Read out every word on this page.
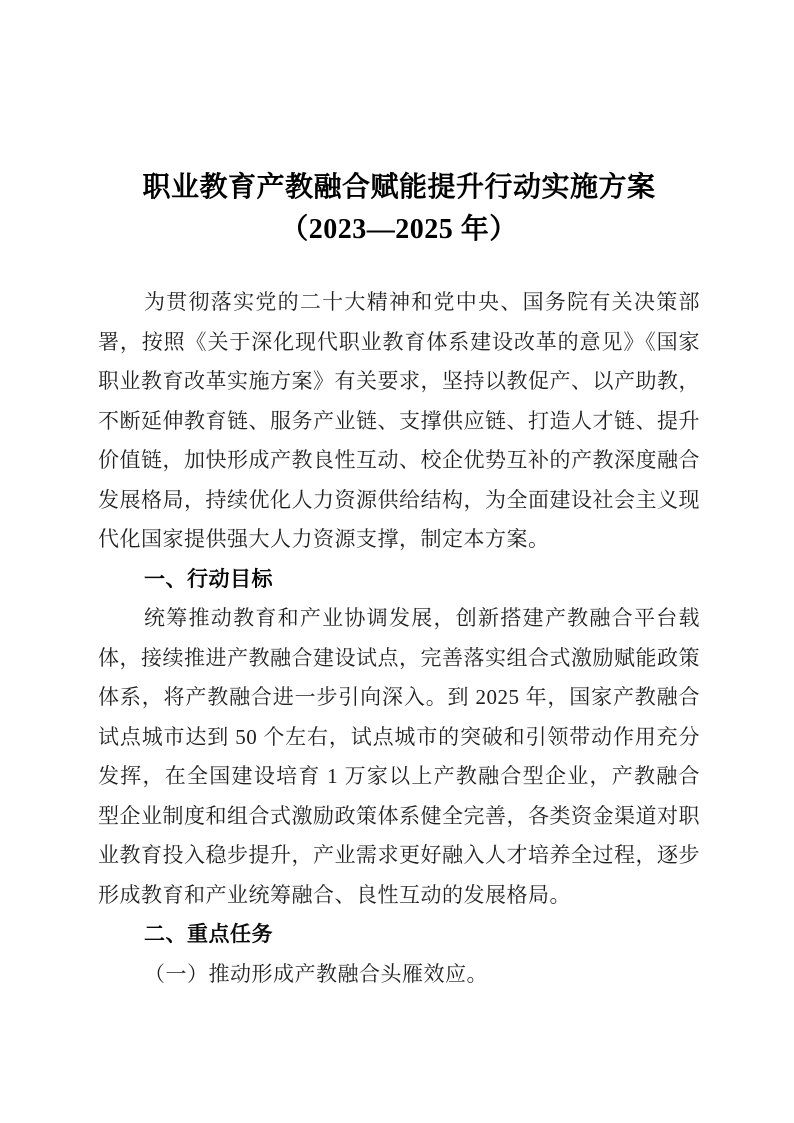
职业教育产教融合赋能提升行动实施方案
（2023—2025 年）

为贯彻落实党的二十大精神和党中央、国务院有关决策部署，按照《关于深化现代职业教育体系建设改革的意见》《国家职业教育改革实施方案》有关要求，坚持以教促产、以产助教，不断延伸教育链、服务产业链、支撑供应链、打造人才链、提升价值链，加快形成产教良性互动、校企优势互补的产教深度融合发展格局，持续优化人力资源供给结构，为全面建设社会主义现代化国家提供强大人力资源支撑，制定本方案。

一、行动目标

统筹推动教育和产业协调发展，创新搭建产教融合平台载体，接续推进产教融合建设试点，完善落实组合式激励赋能政策体系，将产教融合进一步引向深入。到 2025 年，国家产教融合试点城市达到 50 个左右，试点城市的突破和引领带动作用充分发挥，在全国建设培育 1 万家以上产教融合型企业，产教融合型企业制度和组合式激励政策体系健全完善，各类资金渠道对职业教育投入稳步提升，产业需求更好融入人才培养全过程，逐步形成教育和产业统筹融合、良性互动的发展格局。

二、重点任务

（一）推动形成产教融合头雁效应。
